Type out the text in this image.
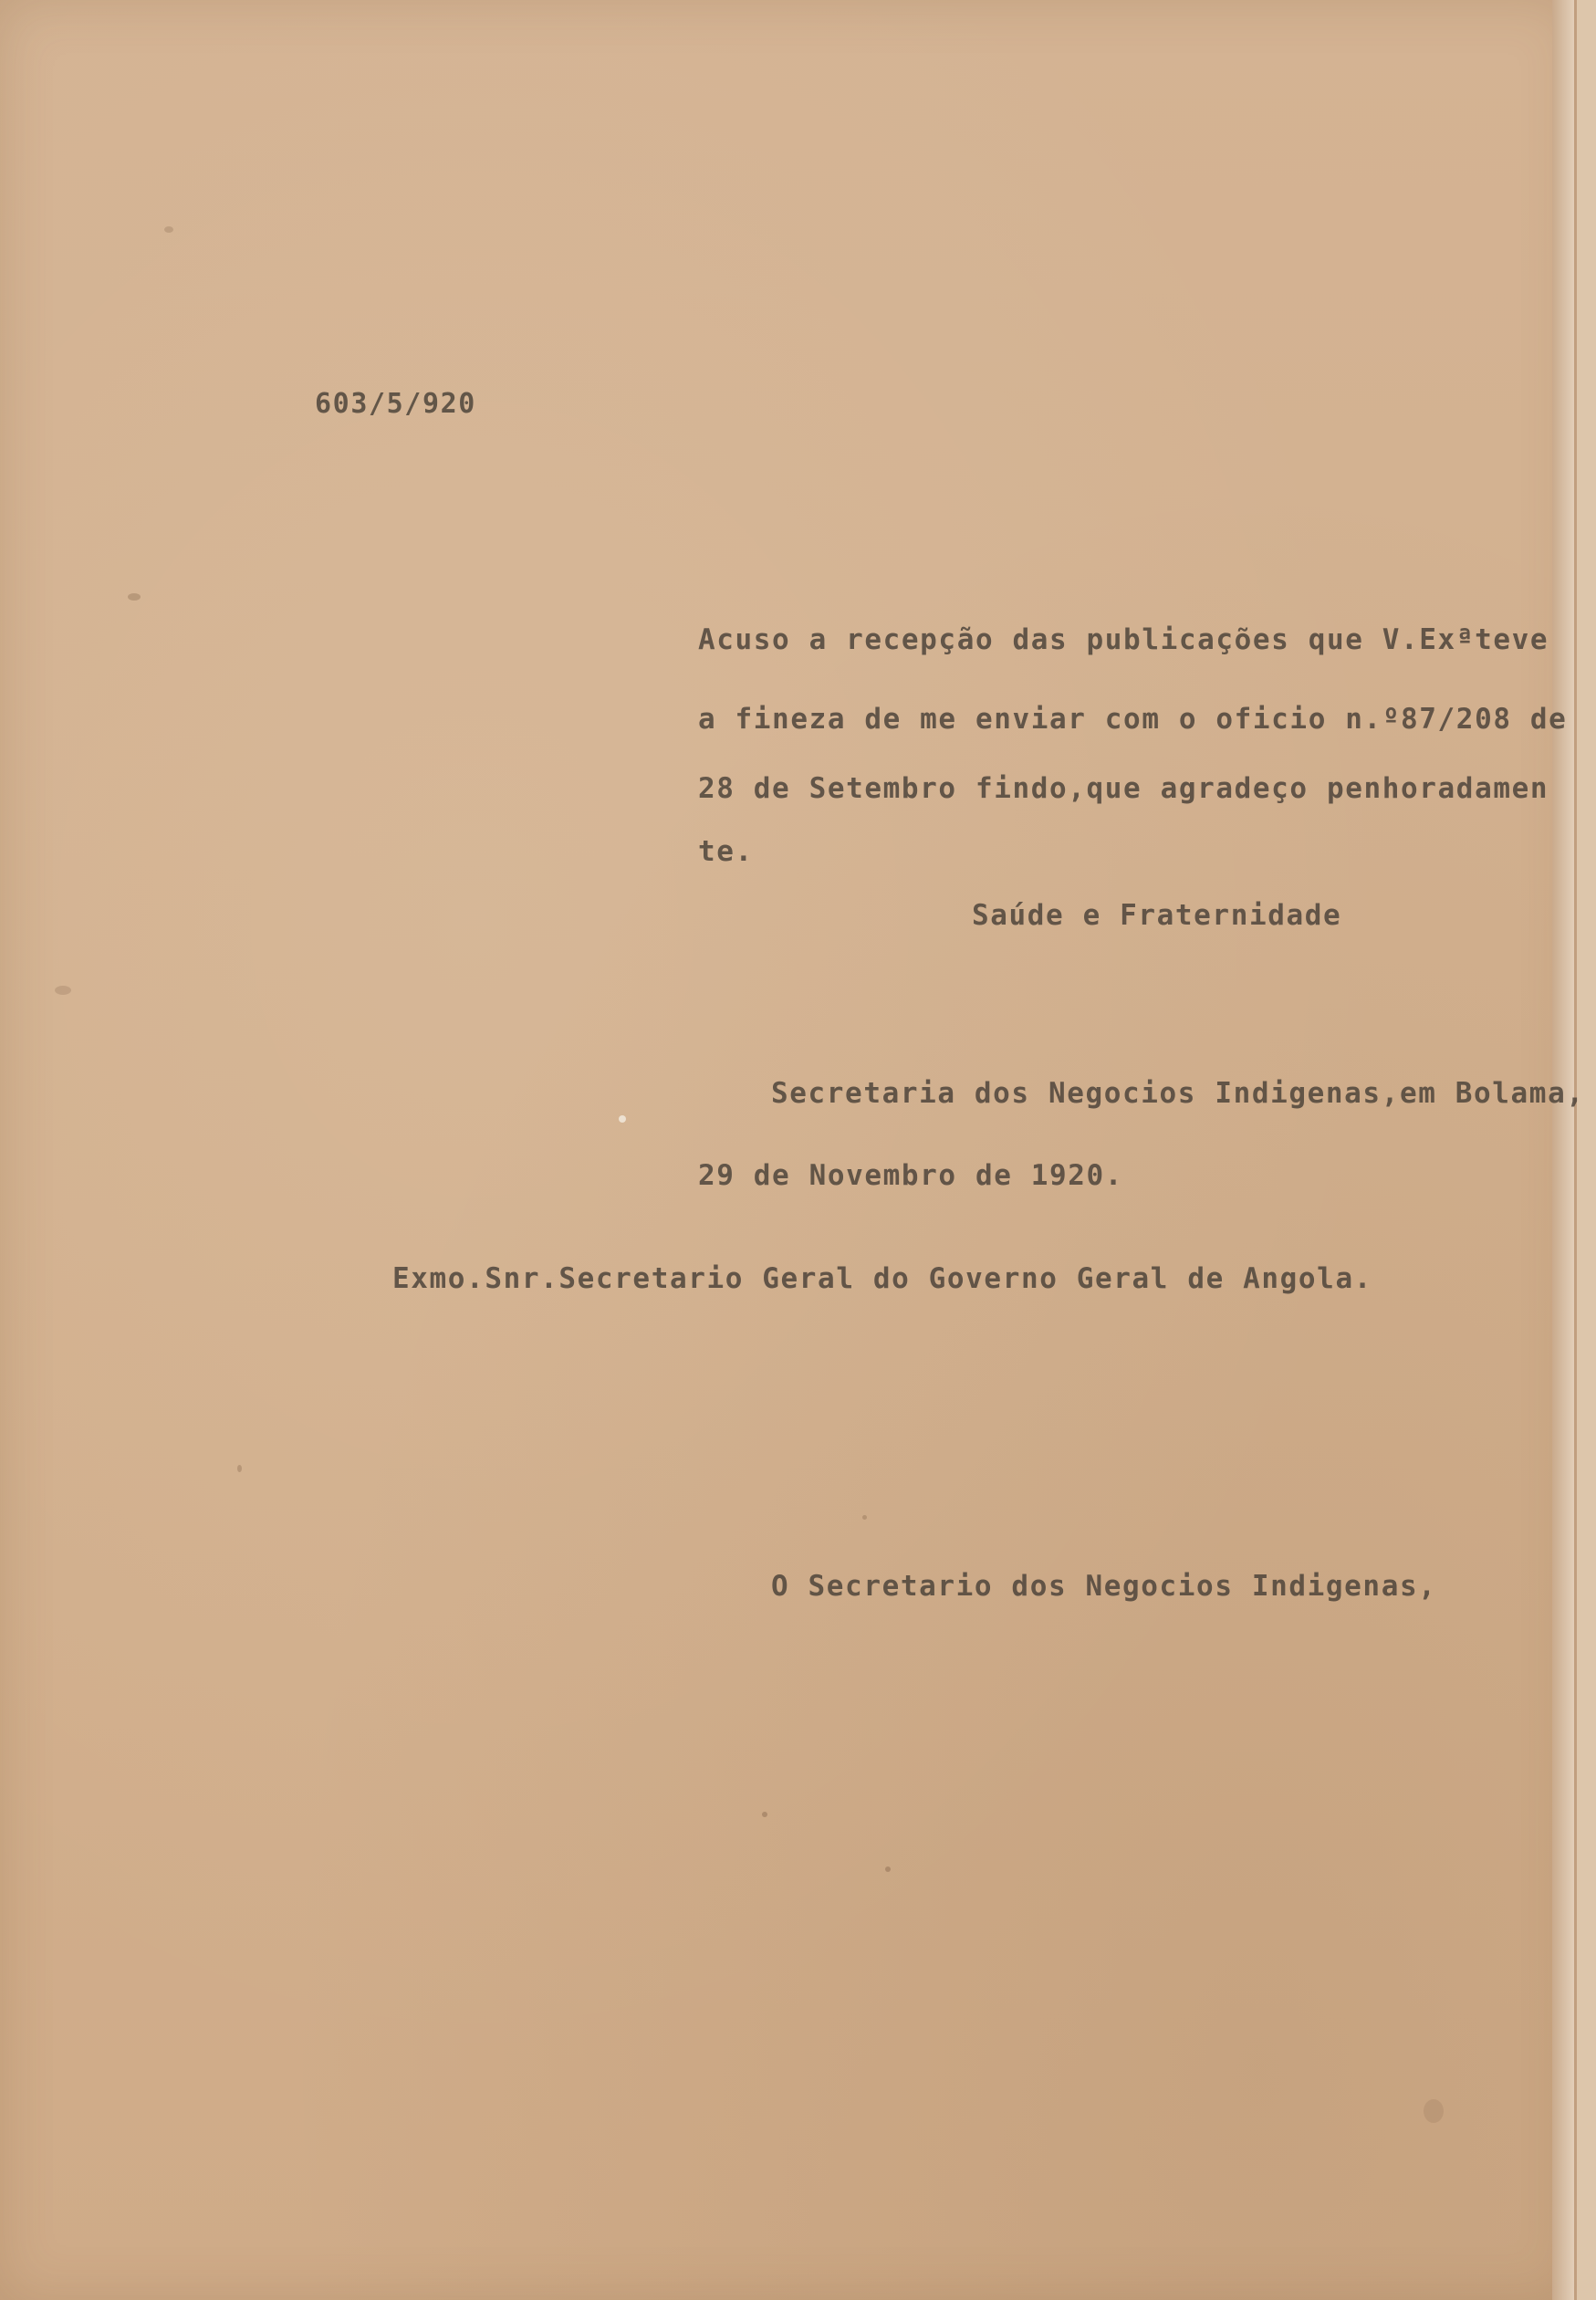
603/5/920
Acuso a recepção das publicações que V.Exªteve
a fineza de me enviar com o oficio n.º87/208 de
28 de Setembro findo,que agradeço penhoradamen
te.
Saúde e Fraternidade
Secretaria dos Negocios Indigenas,em Bolama,
29 de Novembro de 1920.
Exmo.Snr.Secretario Geral do Governo Geral de Angola.
O Secretario dos Negocios Indigenas,
